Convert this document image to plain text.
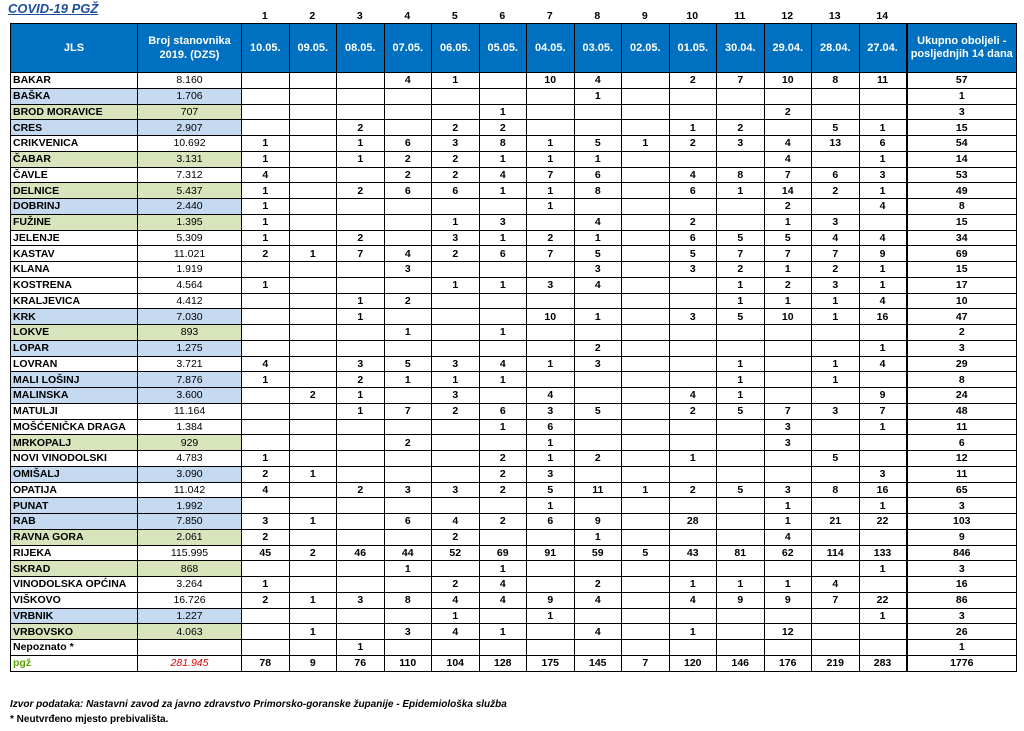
COVID-19 PGŽ
		1	2	3	4	5	6	7	8	9	10	11	12	13	14
JLS	Broj stanovnika 2019. (DZS)	10.05.	09.05.	08.05.	07.05.	06.05.	05.05.	04.05.	03.05.	02.05.	01.05.	30.04.	29.04.	28.04.	27.04.	Ukupno oboljeli - posljednjih 14 dana
BAKAR	8.160				4	1		10	4		2	7	10	8	11	57
BAŠKA	1.706								1							1
BROD MORAVICE	707						1						2			3
CRES	2.907			2		2	2				1	2		5	1	15
CRIKVENICA	10.692	1		1	6	3	8	1	5	1	2	3	4	13	6	54
ČABAR	3.131	1		1	2	2	1	1	1				4		1	14
ČAVLE	7.312	4			2	2	4	7	6		4	8	7	6	3	53
DELNICE	5.437	1		2	6	6	1	1	8		6	1	14	2	1	49
DOBRINJ	2.440	1						1					2		4	8
FUŽINE	1.395	1				1	3		4		2		1	3		15
JELENJE	5.309	1		2		3	1	2	1		6	5	5	4	4	34
KASTAV	11.021	2	1	7	4	2	6	7	5		5	7	7	7	9	69
KLANA	1.919				3				3		3	2	1	2	1	15
KOSTRENA	4.564	1				1	1	3	4			1	2	3	1	17
KRALJEVICA	4.412			1	2							1	1	1	4	10
KRK	7.030			1				10	1		3	5	10	1	16	47
LOKVE	893				1		1									2
LOPAR	1.275								2						1	3
LOVRAN	3.721	4		3	5	3	4	1	3			1		1	4	29
MALI LOŠINJ	7.876	1		2	1	1	1					1		1		8
MALINSKA	3.600		2	1		3		4			4	1			9	24
MATULJI	11.164			1	7	2	6	3	5		2	5	7	3	7	48
MOŠĆENIČKA DRAGA	1.384						1	6					3		1	11
MRKOPALJ	929				2			1					3			6
NOVI VINODOLSKI	4.783	1					2	1	2		1			5		12
OMIŠALJ	3.090	2	1				2	3							3	11
OPATIJA	11.042	4		2	3	3	2	5	11	1	2	5	3	8	16	65
PUNAT	1.992							1					1		1	3
RAB	7.850	3	1		6	4	2	6	9		28		1	21	22	103
RAVNA GORA	2.061	2				2			1				4			9
RIJEKA	115.995	45	2	46	44	52	69	91	59	5	43	81	62	114	133	846
SKRAD	868				1		1								1	3
VINODOLSKA OPĆINA	3.264	1				2	4		2		1	1	1	4		16
VIŠKOVO	16.726	2	1	3	8	4	4	9	4		4	9	9	7	22	86
VRBNIK	1.227					1		1							1	3
VRBOVSKO	4.063		1		3	4	1		4		1		12			26
Nepoznato *				1												1
pgž	281.945	78	9	76	110	104	128	175	145	7	120	146	176	219	283	1776
Izvor podataka: Nastavni zavod za javno zdravstvo Primorsko-goranske županije - Epidemiološka služba
* Neutvrđeno mjesto prebivališta.
